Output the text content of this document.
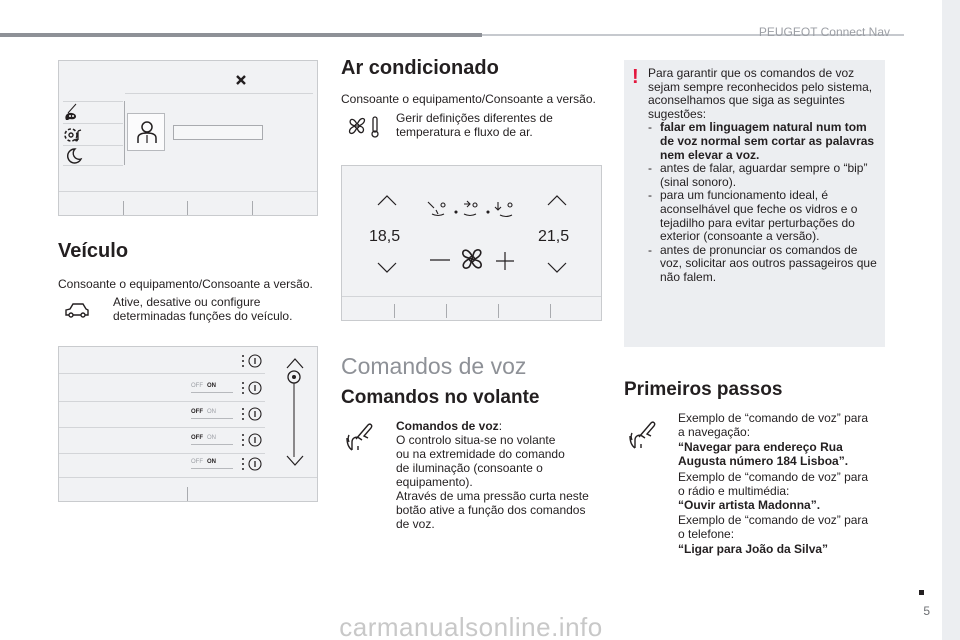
PEUGEOT Connect Nav
5
carmanualsonline.info
Veículo
Consoante o equipamento/Consoante a versão.
Ative, desative ou configure
determinadas funções do veículo.
OFF ON
OFF ON
OFF ON
OFF ON
Ar condicionado
Consoante o equipamento/Consoante a versão.
Gerir definições diferentes de
temperatura e fluxo de ar.
18,5	21,5
Comandos de voz
Comandos no volante
Comandos de voz:
O controlo situa-se no volante
ou na extremidade do comando
de iluminação (consoante o
equipamento).
Através de uma pressão curta neste
botão ative a função dos comandos
de voz.
! Para garantir que os comandos de voz sejam sempre reconhecidos pelo sistema, aconselhamos que siga as seguintes sugestões:
- falar em linguagem natural num tom de voz normal sem cortar as palavras nem elevar a voz.
- antes de falar, aguardar sempre o “bip” (sinal sonoro).
- para um funcionamento ideal, é aconselhável que feche os vidros e o tejadilho para evitar perturbações do exterior (consoante a versão).
- antes de pronunciar os comandos de voz, solicitar aos outros passageiros que não falem.
Primeiros passos
Exemplo de “comando de voz” para
a navegação:
“Navegar para endereço Rua
Augusta número 184 Lisboa”.
Exemplo de “comando de voz” para
o rádio e multimédia:
“Ouvir artista Madonna”.
Exemplo de “comando de voz” para
o telefone:
“Ligar para João da Silva”
